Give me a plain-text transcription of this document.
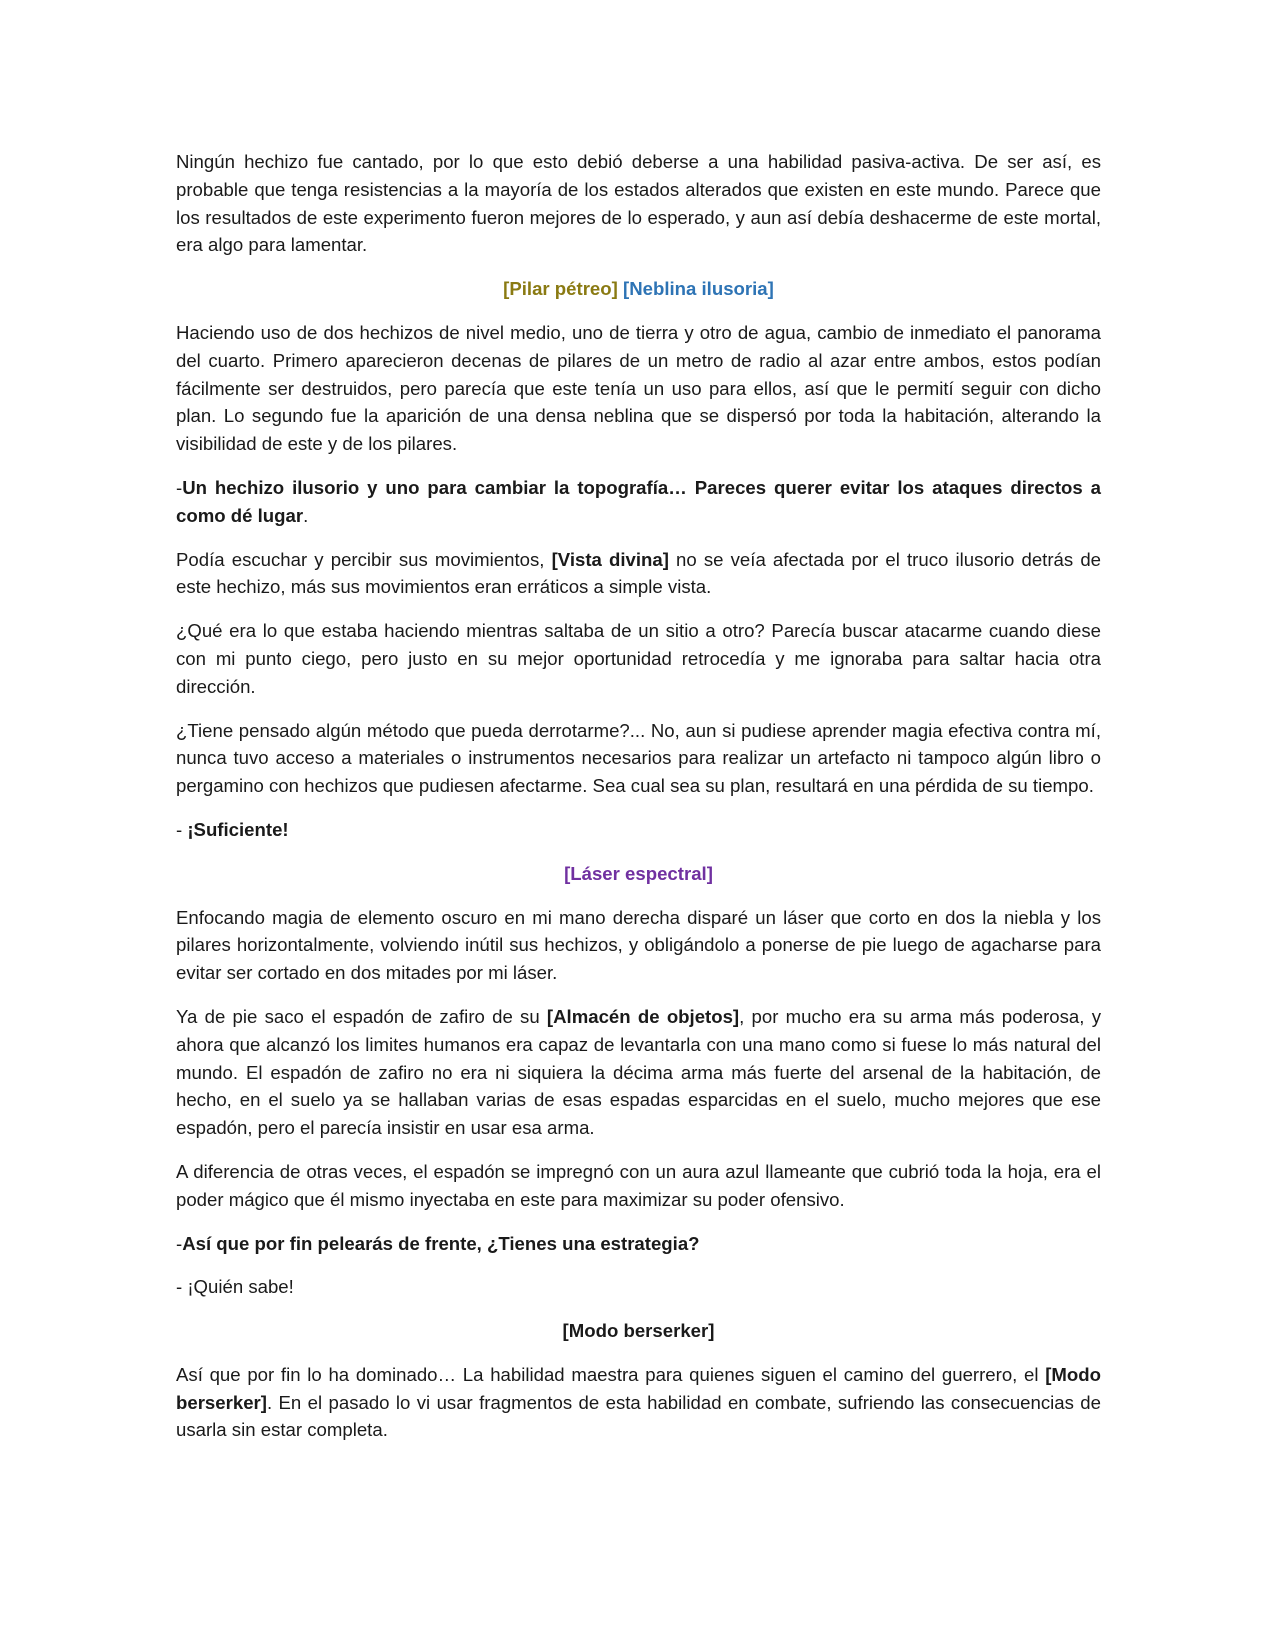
Ningún hechizo fue cantado, por lo que esto debió deberse a una habilidad pasiva-activa. De ser así, es probable que tenga resistencias a la mayoría de los estados alterados que existen en este mundo. Parece que los resultados de este experimento fueron mejores de lo esperado, y aun así debía deshacerme de este mortal, era algo para lamentar.

[Pilar pétreo] [Neblina ilusoria]

Haciendo uso de dos hechizos de nivel medio, uno de tierra y otro de agua, cambio de inmediato el panorama del cuarto. Primero aparecieron decenas de pilares de un metro de radio al azar entre ambos, estos podían fácilmente ser destruidos, pero parecía que este tenía un uso para ellos, así que le permití seguir con dicho plan. Lo segundo fue la aparición de una densa neblina que se dispersó por toda la habitación, alterando la visibilidad de este y de los pilares.

-Un hechizo ilusorio y uno para cambiar la topografía… Pareces querer evitar los ataques directos a como dé lugar.

Podía escuchar y percibir sus movimientos, [Vista divina] no se veía afectada por el truco ilusorio detrás de este hechizo, más sus movimientos eran erráticos a simple vista.

¿Qué era lo que estaba haciendo mientras saltaba de un sitio a otro? Parecía buscar atacarme cuando diese con mi punto ciego, pero justo en su mejor oportunidad retrocedía y me ignoraba para saltar hacia otra dirección.

¿Tiene pensado algún método que pueda derrotarme?... No, aun si pudiese aprender magia efectiva contra mí, nunca tuvo acceso a materiales o instrumentos necesarios para realizar un artefacto ni tampoco algún libro o pergamino con hechizos que pudiesen afectarme. Sea cual sea su plan, resultará en una pérdida de su tiempo.

- ¡Suficiente!

[Láser espectral]

Enfocando magia de elemento oscuro en mi mano derecha disparé un láser que corto en dos la niebla y los pilares horizontalmente, volviendo inútil sus hechizos, y obligándolo a ponerse de pie luego de agacharse para evitar ser cortado en dos mitades por mi láser.

Ya de pie saco el espadón de zafiro de su [Almacén de objetos], por mucho era su arma más poderosa, y ahora que alcanzó los limites humanos era capaz de levantarla con una mano como si fuese lo más natural del mundo. El espadón de zafiro no era ni siquiera la décima arma más fuerte del arsenal de la habitación, de hecho, en el suelo ya se hallaban varias de esas espadas esparcidas en el suelo, mucho mejores que ese espadón, pero el parecía insistir en usar esa arma.

A diferencia de otras veces, el espadón se impregnó con un aura azul llameante que cubrió toda la hoja, era el poder mágico que él mismo inyectaba en este para maximizar su poder ofensivo.

-Así que por fin pelearás de frente, ¿Tienes una estrategia?

- ¡Quién sabe!

[Modo berserker]

Así que por fin lo ha dominado… La habilidad maestra para quienes siguen el camino del guerrero, el [Modo berserker]. En el pasado lo vi usar fragmentos de esta habilidad en combate, sufriendo las consecuencias de usarla sin estar completa.
